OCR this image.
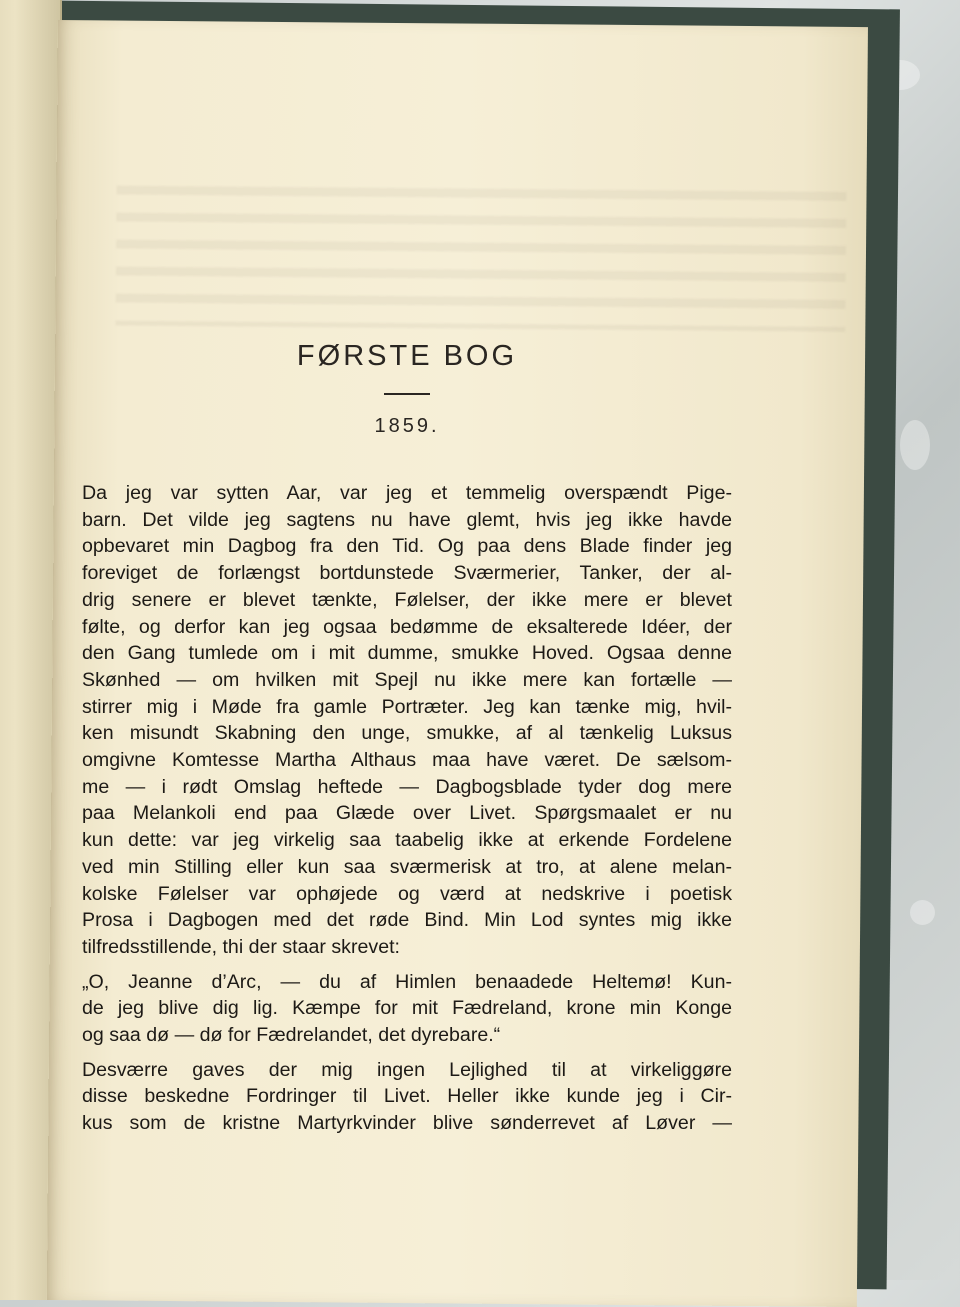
FØRSTE BOG
1859.
Da jeg var sytten Aar, var jeg et temmelig overspændt Pige-
barn. Det vilde jeg sagtens nu have glemt, hvis jeg ikke havde
opbevaret min Dagbog fra den Tid. Og paa dens Blade finder jeg
foreviget de forlængst bortdunstede Sværmerier, Tanker, der al-
drig senere er blevet tænkte, Følelser, der ikke mere er blevet
følte, og derfor kan jeg ogsaa bedømme de eksalterede Idéer, der
den Gang tumlede om i mit dumme, smukke Hoved. Ogsaa denne
Skønhed — om hvilken mit Spejl nu ikke mere kan fortælle —
stirrer mig i Møde fra gamle Portræter. Jeg kan tænke mig, hvil-
ken misundt Skabning den unge, smukke, af al tænkelig Luksus
omgivne Komtesse Martha Althaus maa have været. De sælsom-
me — i rødt Omslag heftede — Dagbogsblade tyder dog mere
paa Melankoli end paa Glæde over Livet. Spørgsmaalet er nu
kun dette: var jeg virkelig saa taabelig ikke at erkende Fordelene
ved min Stilling eller kun saa sværmerisk at tro, at alene melan-
kolske Følelser var ophøjede og værd at nedskrive i poetisk
Prosa i Dagbogen med det røde Bind. Min Lod syntes mig ikke
tilfredsstillende, thi der staar skrevet:
„O, Jeanne d’Arc, — du af Himlen benaadede Heltemø! Kun-
de jeg blive dig lig. Kæmpe for mit Fædreland, krone min Konge
og saa dø — dø for Fædrelandet, det dyrebare.“
Desværre gaves der mig ingen Lejlighed til at virkeliggøre
disse beskedne Fordringer til Livet. Heller ikke kunde jeg i Cir-
kus som de kristne Martyrkvinder blive sønderrevet af Løver —
